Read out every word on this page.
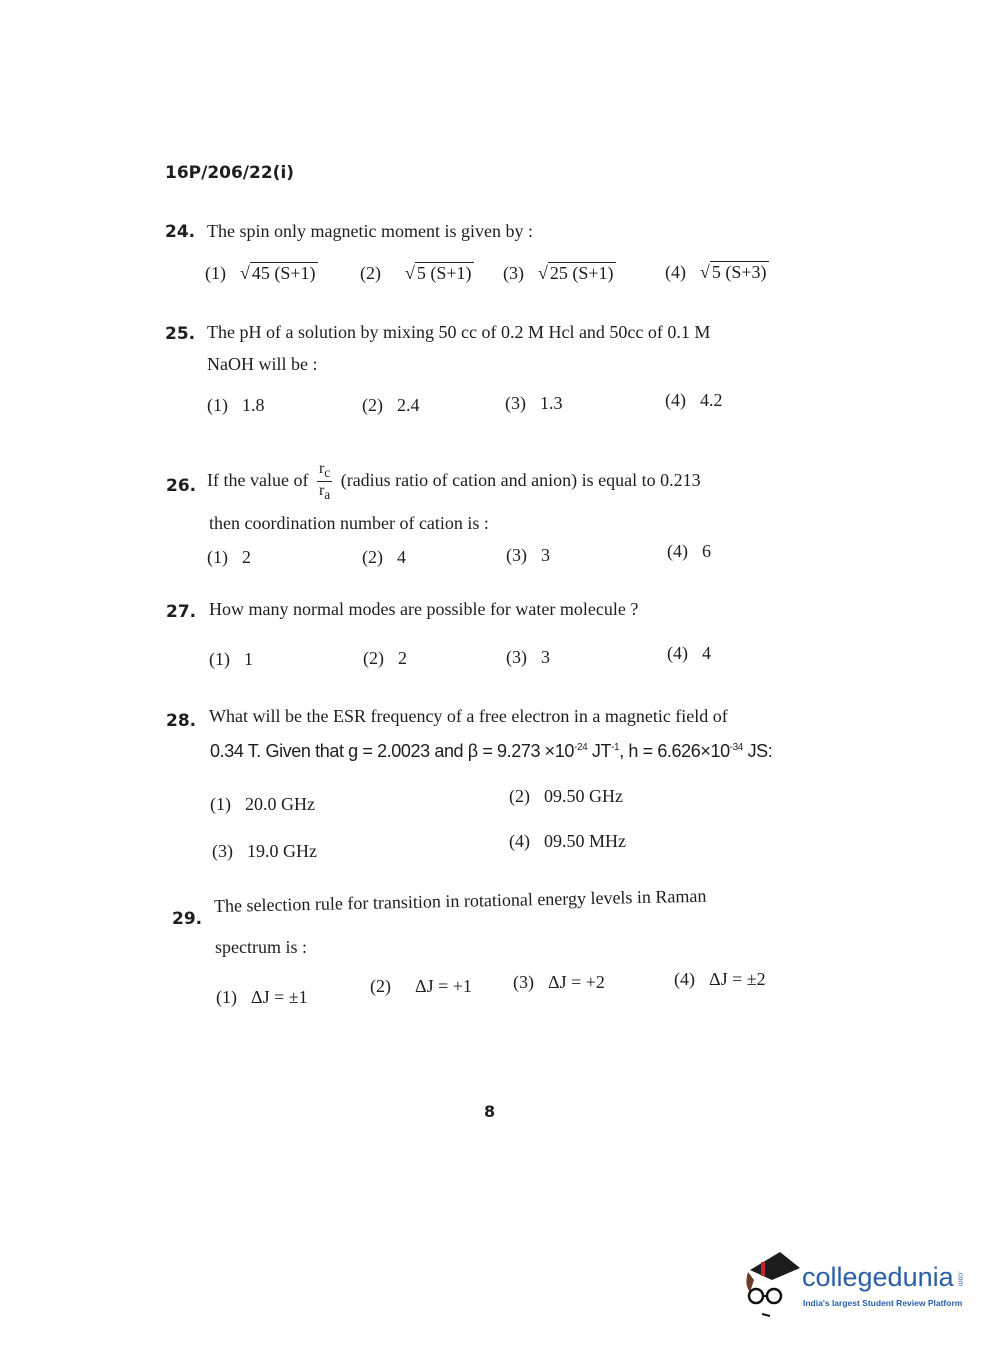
16P/206/22(i)
24. The spin only magnetic moment is given by :
(1) √ 45 (S+1) (2) √ 5 (S+1) (3) √ 25 (S+1)	(4) √ 5 (S+3)
25. The pH of a solution by mixing 50 cc of 0.2 M Hcl and 50cc of 0.1 M
NaOH will be :
(1) 1.8	(2) 2.4	(3) 1.3	(4) 4.2
26. If the value of $\frac{r_c}{r_a}$ (radius ratio of cation and anion) is equal to 0.213
then coordination number of cation is :
(1) 2	(2) 4	(3) 3	(4) 6
27. How many normal modes are possible for water molecule ?
(1) 1	(2) 2	(3) 3	(4) 4
28. What will be the ESR frequency of a free electron in a magnetic field of
0.34 T. Given that g = 2.0023 and $\beta = 9.273 \times 10^{-24}$ $JT^{-1}$, $h = 6.626\times 10^{-34}$ JS:
(1) 20.0 GHz	(2) 09.50 GHz
(3) 19.0 GHz	(4) 09.50 MHz
29.
The selection rule for transition in rotational energy levels in Raman
spectrum is :
(1) ΔJ = ±1
(2) ΔJ = +1 (3) ΔJ = +2	(4) ΔJ = ±2
8
collegedunia .com
India's largest Student Review Platform
